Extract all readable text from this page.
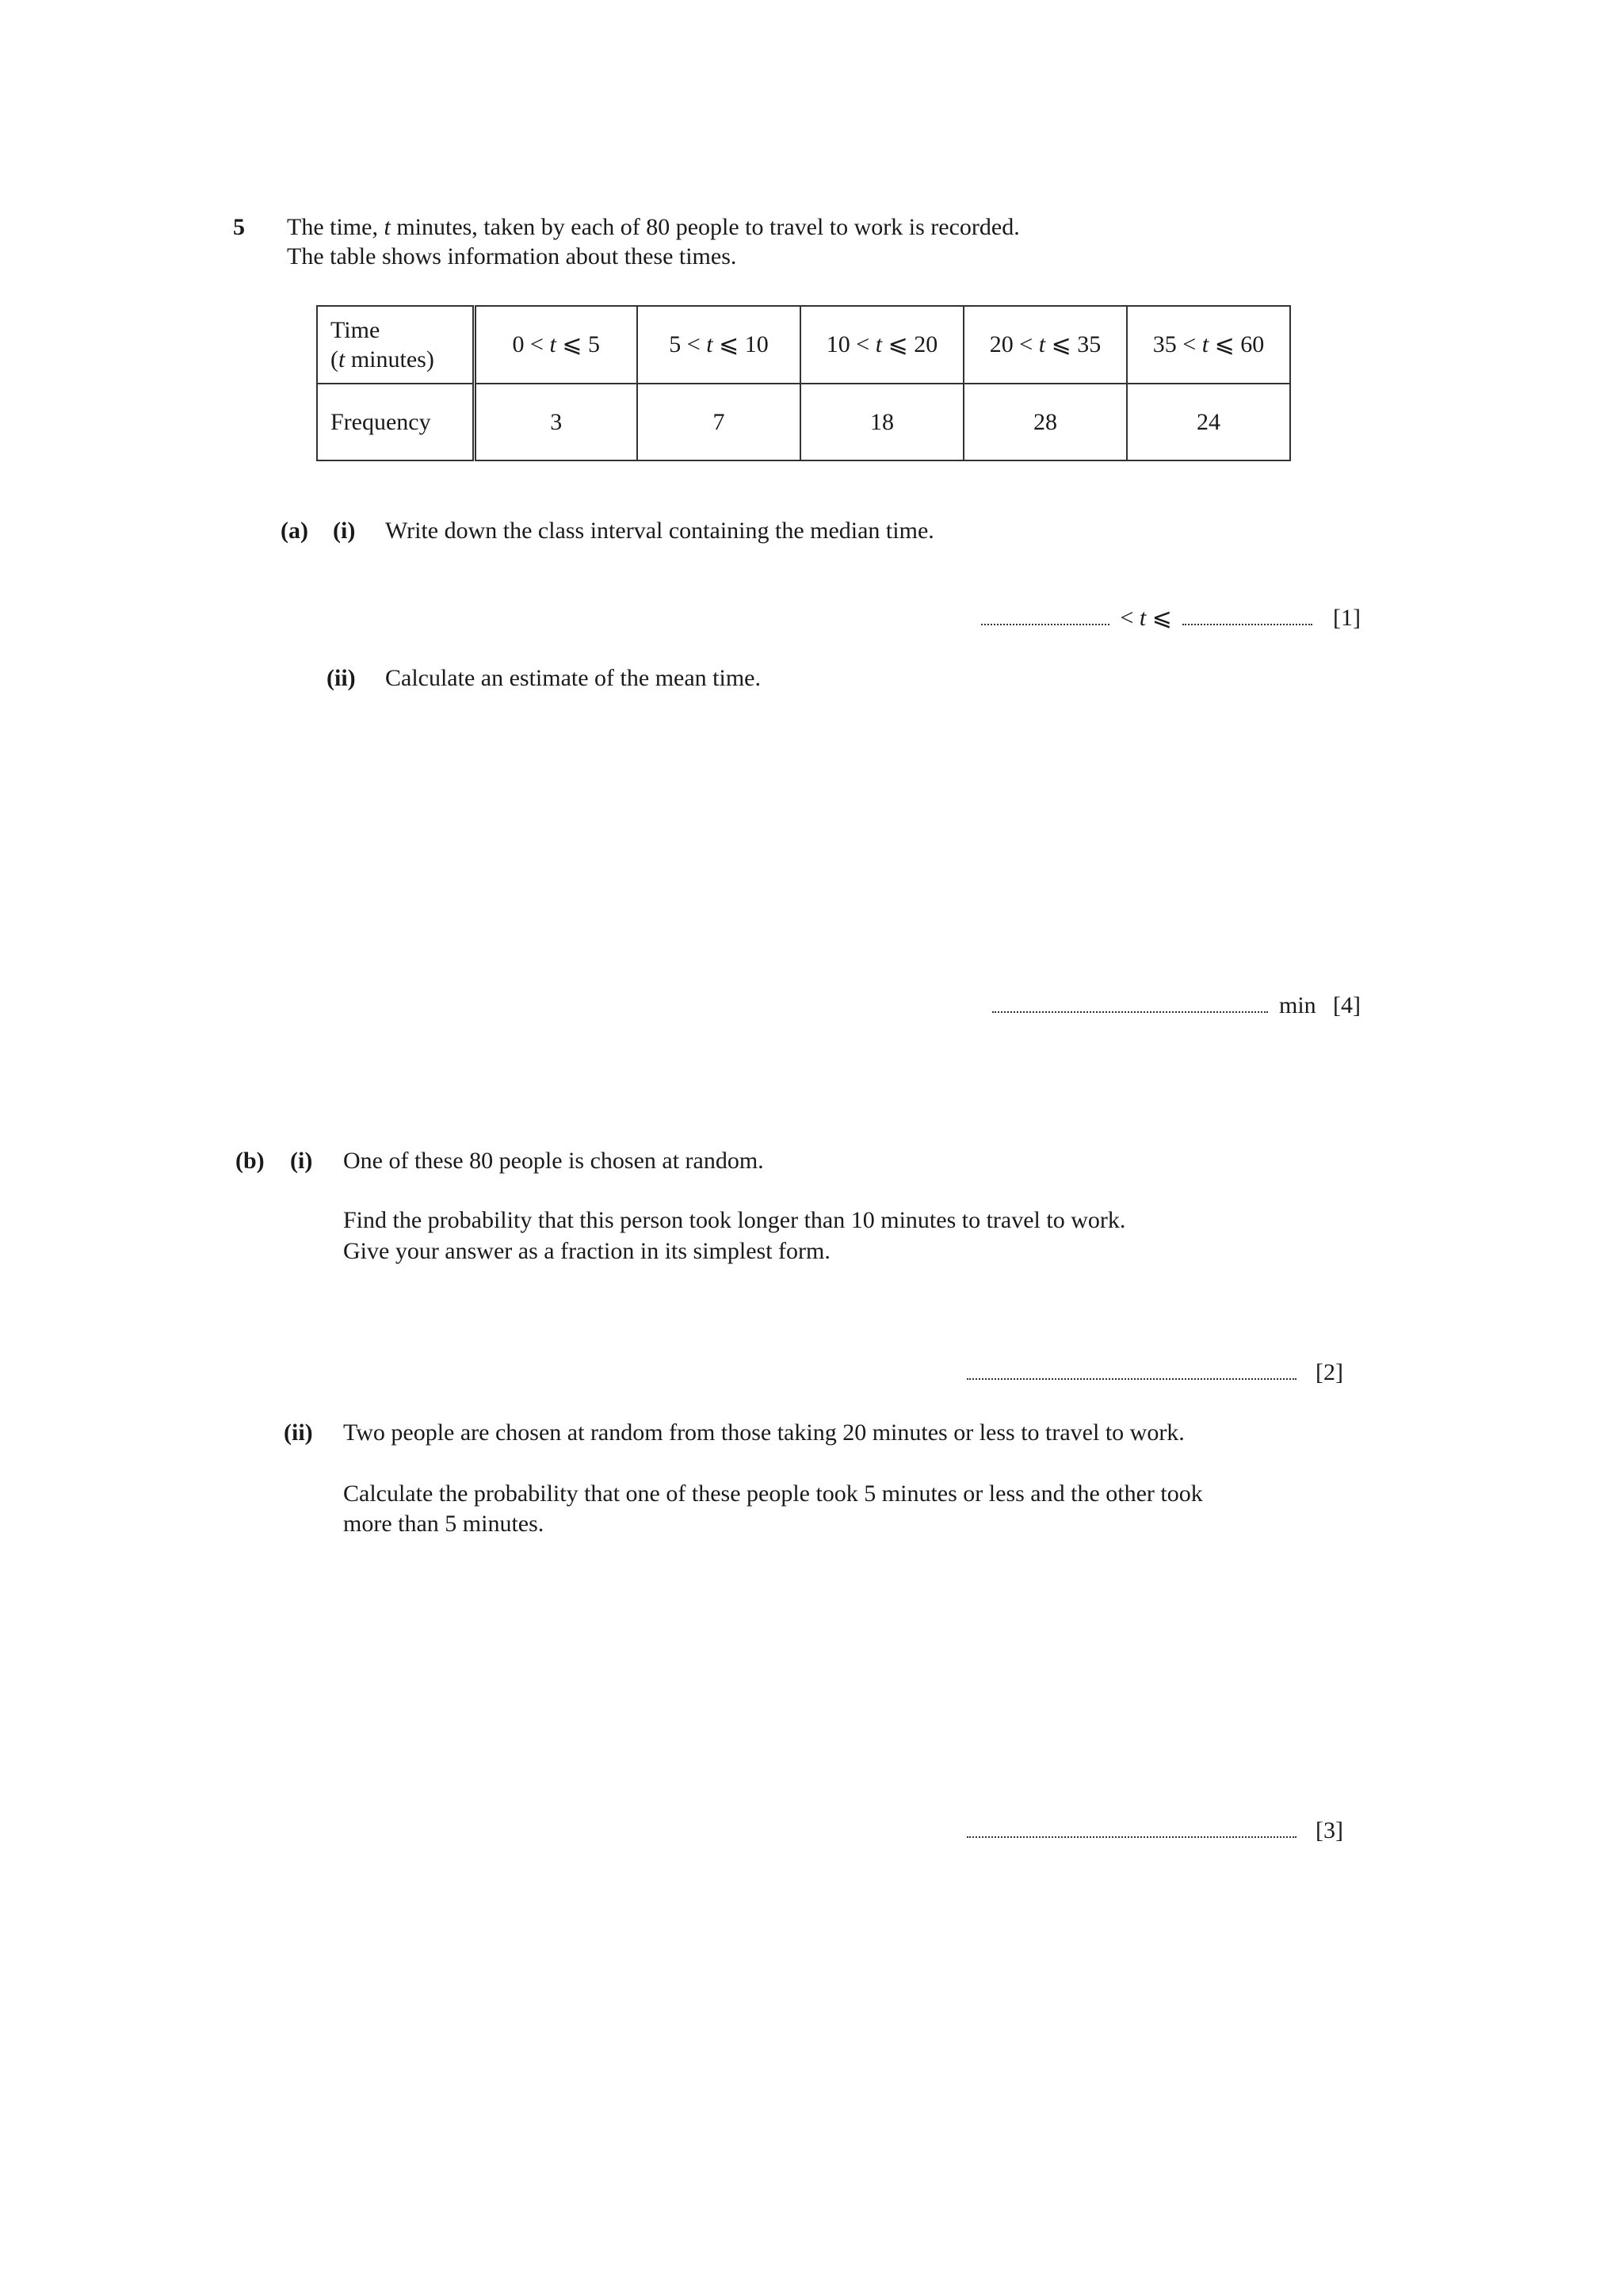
5 The time, t minutes, taken by each of 80 people to travel to work is recorded.
The table shows information about these times.
Time
(t minutes)	0 < t ⩽ 5	5 < t ⩽ 10	10 < t ⩽ 20	20 < t ⩽ 35	35 < t ⩽ 60
Frequency	3	7	18	28	24
(a) (i) Write down the class interval containing the median time.
< t ⩽	[1]
(ii) Calculate an estimate of the mean time.
min [4]
(b) (i) One of these 80 people is chosen at random.
Find the probability that this person took longer than 10 minutes to travel to work.
Give your answer as a fraction in its simplest form.
[2]
(ii) Two people are chosen at random from those taking 20 minutes or less to travel to work.
Calculate the probability that one of these people took 5 minutes or less and the other took
more than 5 minutes.
[3]
